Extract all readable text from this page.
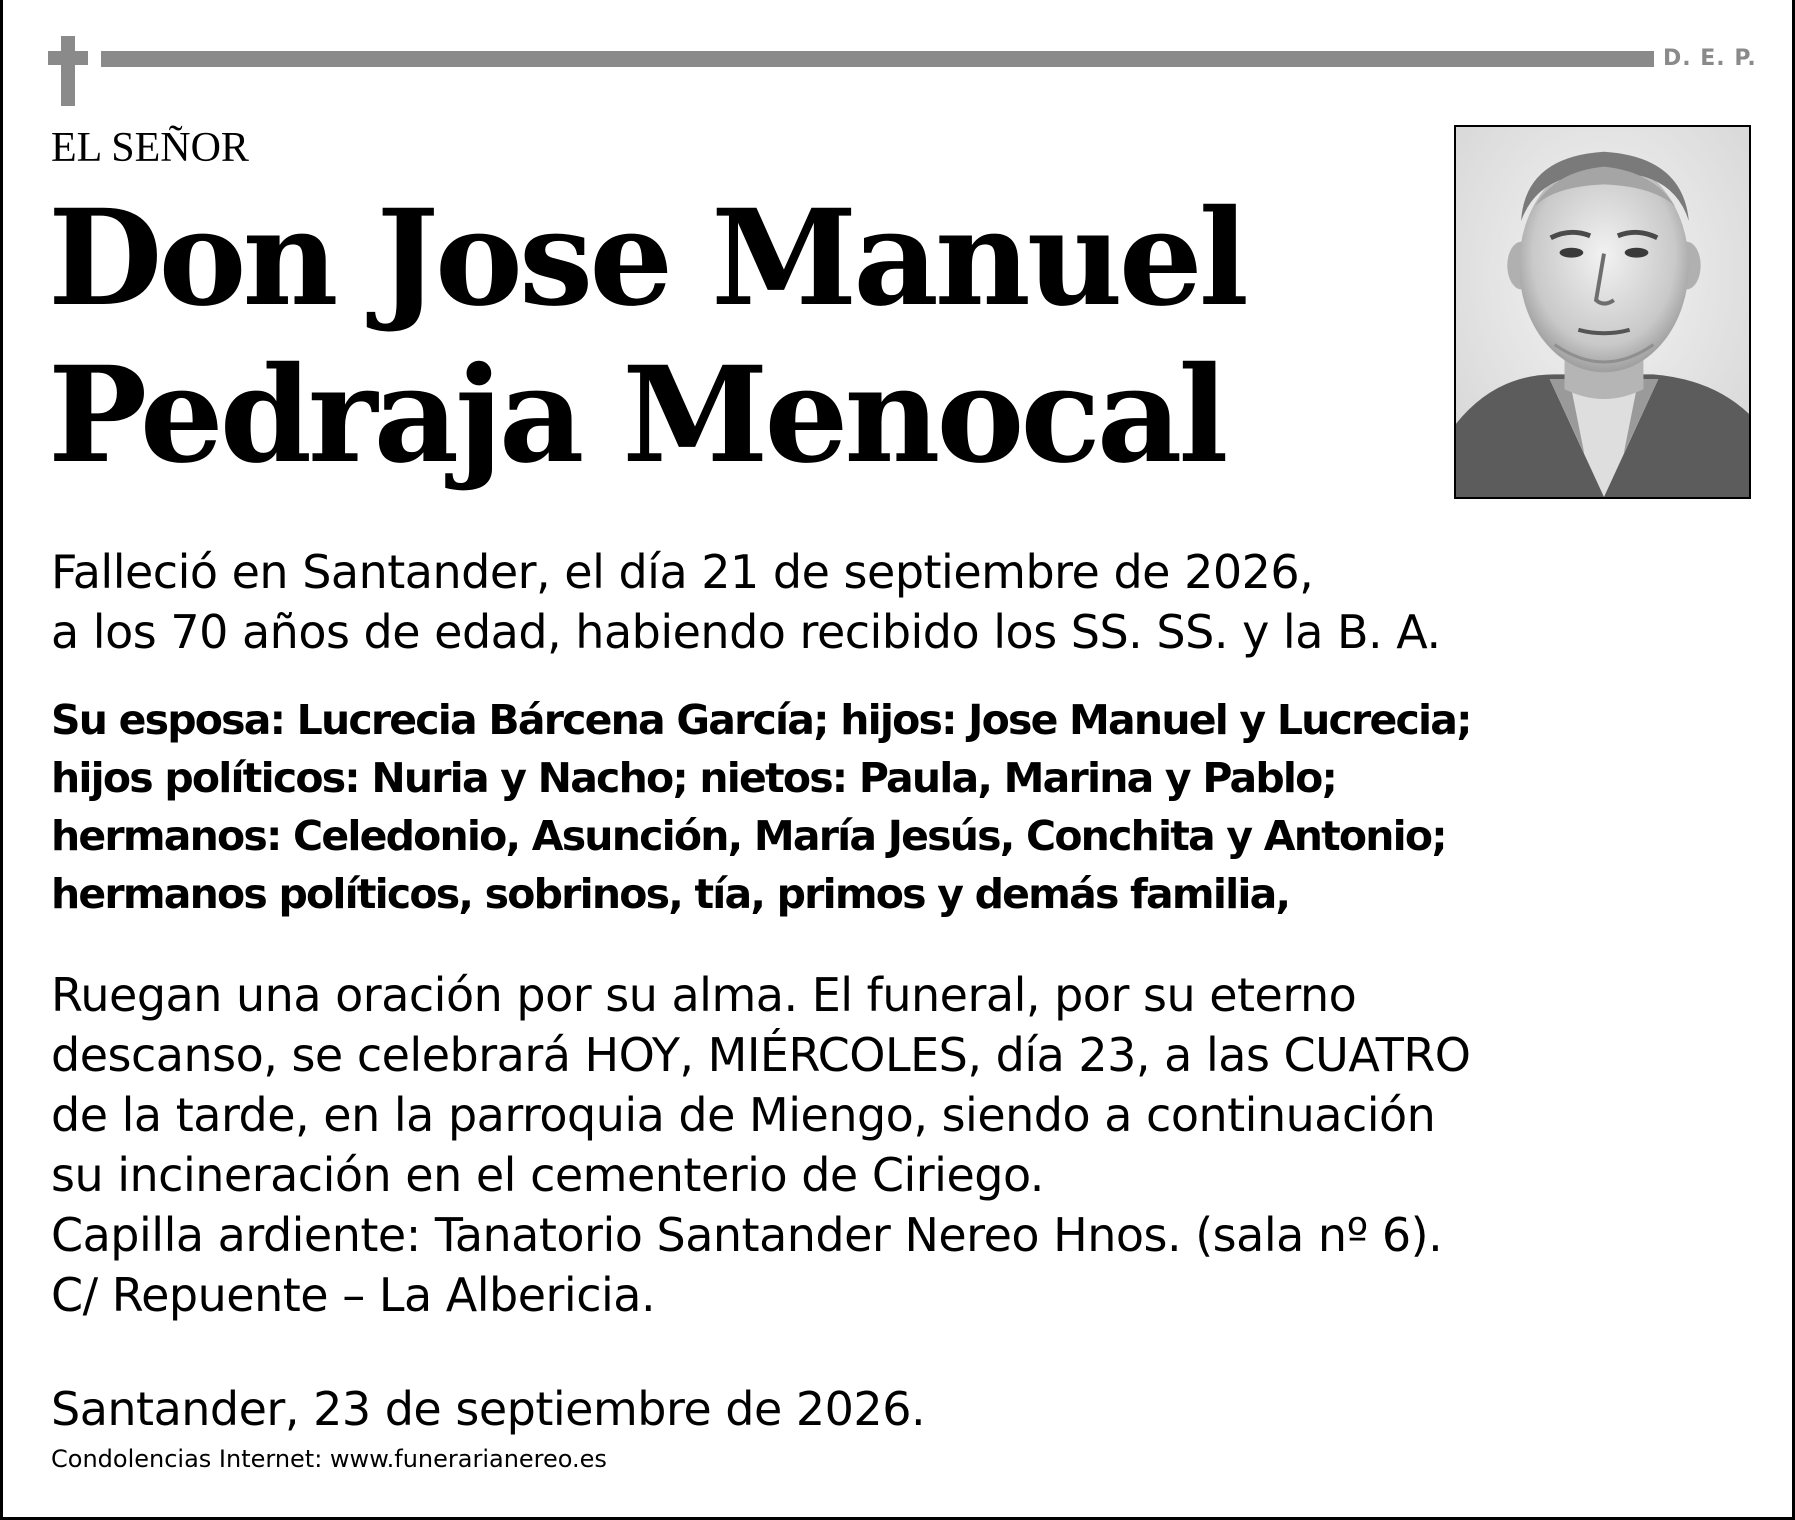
D. E. P.
EL SEÑOR
Don Jose Manuel
Pedraja Menocal
Falleció en Santander, el día 21 de septiembre de 2026,
a los 70 años de edad, habiendo recibido los SS. SS. y la B. A.
Su esposa: Lucrecia Bárcena García; hijos: Jose Manuel y Lucrecia;
hijos políticos: Nuria y Nacho; nietos: Paula, Marina y Pablo;
hermanos: Celedonio, Asunción, María Jesús, Conchita y Antonio;
hermanos políticos, sobrinos, tía, primos y demás familia,
Ruegan una oración por su alma. El funeral, por su eterno
descanso, se celebrará HOY, MIÉRCOLES, día 23, a las CUATRO
de la tarde, en la parroquia de Miengo, siendo a continuación
su incineración en el cementerio de Ciriego.
Capilla ardiente: Tanatorio Santander Nereo Hnos. (sala nº 6).
C/ Repuente – La Albericia.
Santander, 23 de septiembre de 2026.
Condolencias Internet: www.funerarianereo.es
